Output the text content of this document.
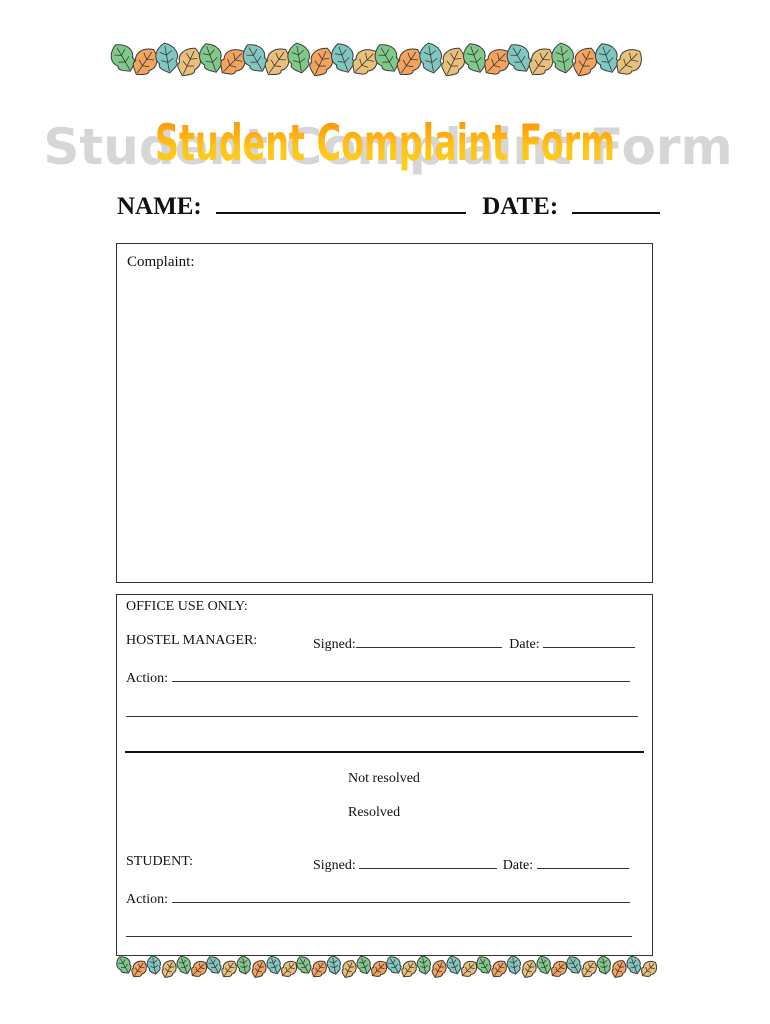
Student Complaint Form
Student Complaint Form
NAME:	DATE:
Complaint:
OFFICE USE ONLY:
HOSTEL MANAGER:	Signed:	Date:
Action:
Not resolved
Resolved
STUDENT:	Signed:	Date:
Action:
